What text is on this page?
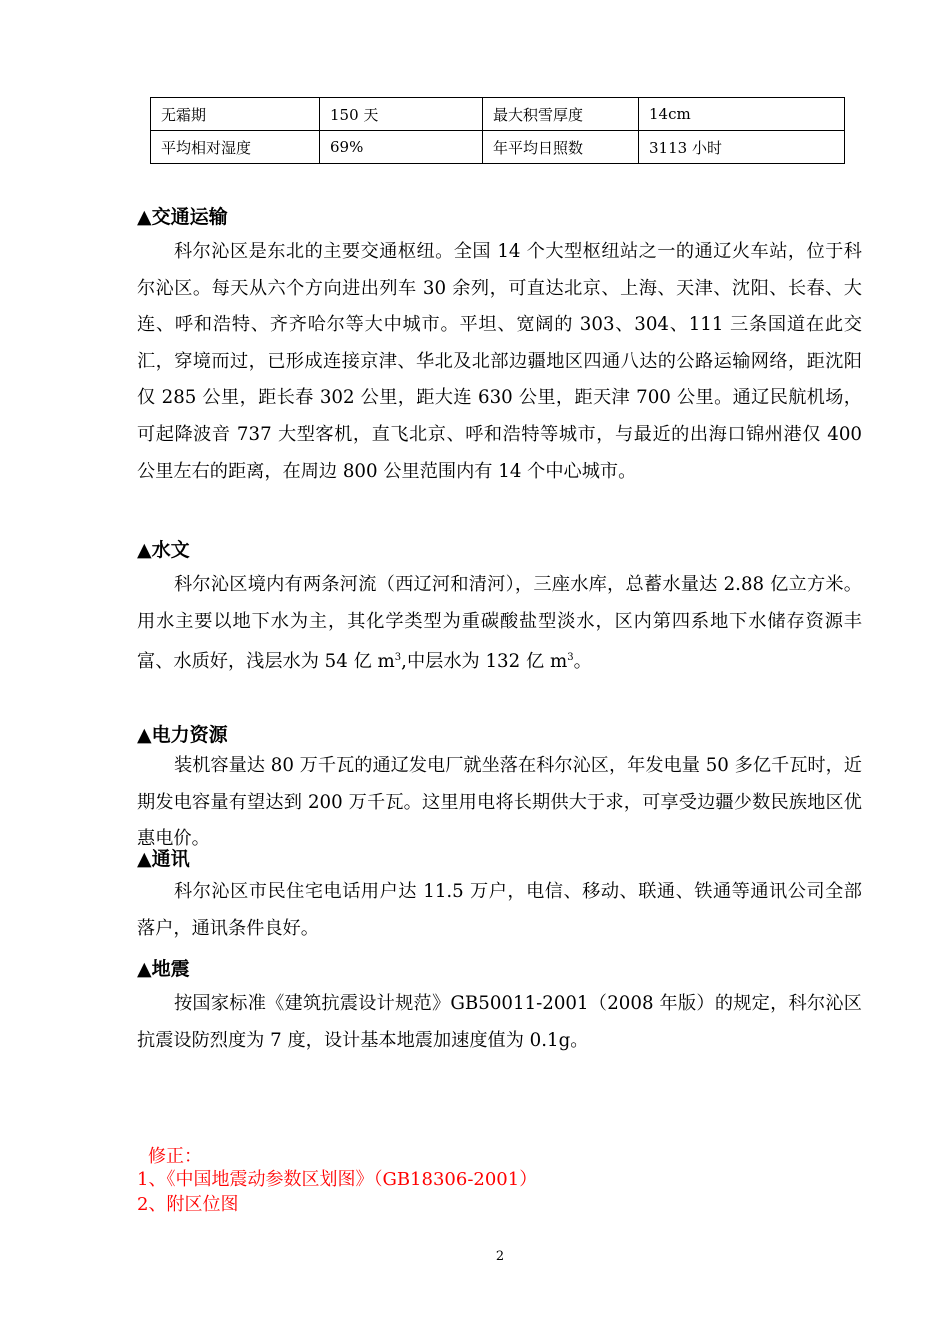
无霜期	150 天	最大积雪厚度	14cm
平均相对湿度	69%	年平均日照数	3113 小时
▲交通运输

科尔沁区是东北的主要交通枢纽。全国 14 个大型枢纽站之一的通辽火车站，位于科尔沁区。每天从六个方向进出列车 30 余列，可直达北京、上海、天津、沈阳、长春、大连、呼和浩特、齐齐哈尔等大中城市。平坦、宽阔的 303、304、111 三条国道在此交汇，穿境而过，已形成连接京津、华北及北部边疆地区四通八达的公路运输网络，距沈阳仅 285 公里，距长春 302 公里，距大连 630 公里，距天津 700 公里。通辽民航机场，可起降波音 737 大型客机，直飞北京、呼和浩特等城市，与最近的出海口锦州港仅 400 公里左右的距离，在周边 800 公里范围内有 14 个中心城市。

▲水文

科尔沁区境内有两条河流（西辽河和清河），三座水库，总蓄水量达 2.88 亿立方米。用水主要以地下水为主，其化学类型为重碳酸盐型淡水，区内第四系地下水储存资源丰富、水质好，浅层水为 54 亿 $m^3$,中层水为 132 亿 $m^3$。

▲电力资源

装机容量达 80 万千瓦的通辽发电厂就坐落在科尔沁区，年发电量 50 多亿千瓦时，近期发电容量有望达到 200 万千瓦。这里用电将长期供大于求，可享受边疆少数民族地区优惠电价。

▲通讯

科尔沁区市民住宅电话用户达 11.5 万户，电信、移动、联通、铁通等通讯公司全部落户，通讯条件良好。

▲地震

按国家标准《建筑抗震设计规范》GB50011-2001（2008 年版）的规定，科尔沁区抗震设防烈度为 7 度，设计基本地震加速度值为 0.1g。

修正：
1、《中国地震动参数区划图》（GB18306-2001）
2、附区位图
2
